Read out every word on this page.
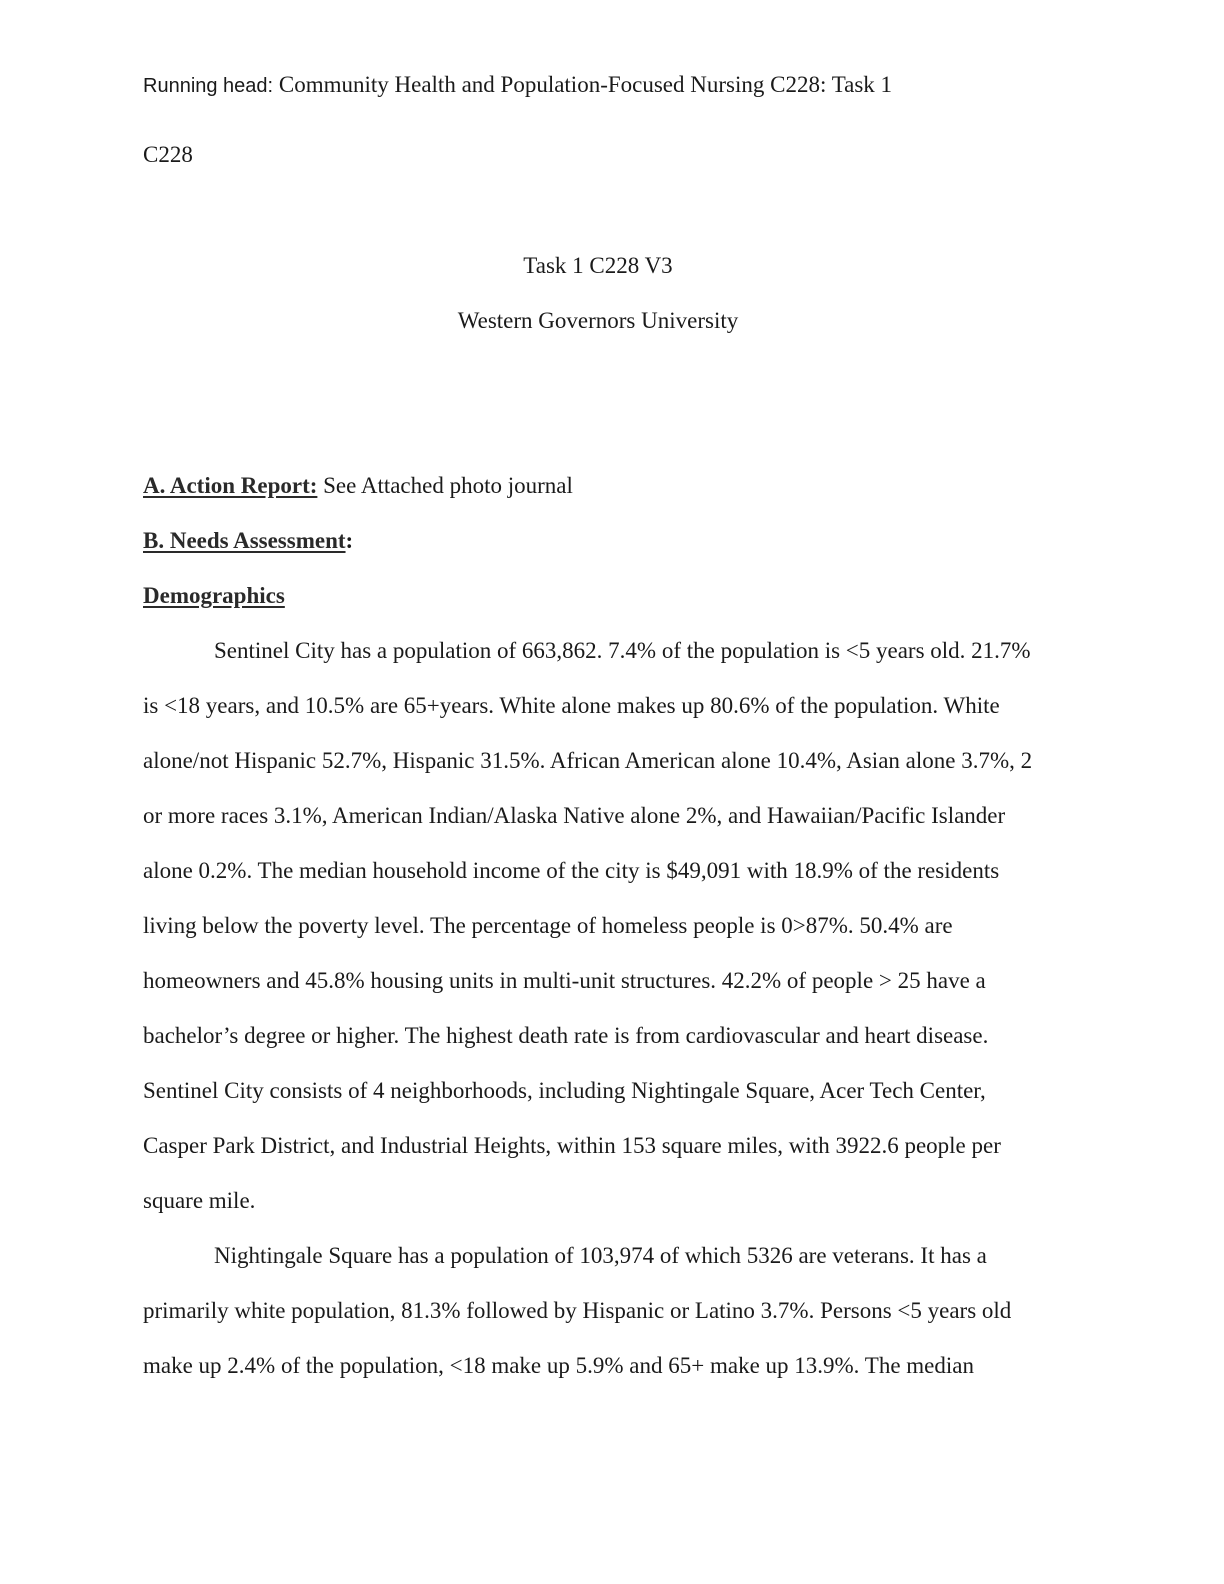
Running head: Community Health and Population-Focused Nursing C228: Task 1
C228
Task 1 C228 V3
Western Governors University
A. Action Report: See Attached photo journal
B. Needs Assessment:
Demographics
Sentinel City has a population of 663,862. 7.4% of the population is <5 years old. 21.7%
is <18 years, and 10.5% are 65+years. White alone makes up 80.6% of the population. White
alone/not Hispanic 52.7%, Hispanic 31.5%. African American alone 10.4%, Asian alone 3.7%, 2
or more races 3.1%, American Indian/Alaska Native alone 2%, and Hawaiian/Pacific Islander
alone 0.2%. The median household income of the city is $49,091 with 18.9% of the residents
living below the poverty level. The percentage of homeless people is 0>87%. 50.4% are
homeowners and 45.8% housing units in multi-unit structures. 42.2% of people > 25 have a
bachelor’s degree or higher. The highest death rate is from cardiovascular and heart disease.
Sentinel City consists of 4 neighborhoods, including Nightingale Square, Acer Tech Center,
Casper Park District, and Industrial Heights, within 153 square miles, with 3922.6 people per
square mile.
Nightingale Square has a population of 103,974 of which 5326 are veterans. It has a
primarily white population, 81.3% followed by Hispanic or Latino 3.7%. Persons <5 years old
make up 2.4% of the population, <18 make up 5.9% and 65+ make up 13.9%. The median
